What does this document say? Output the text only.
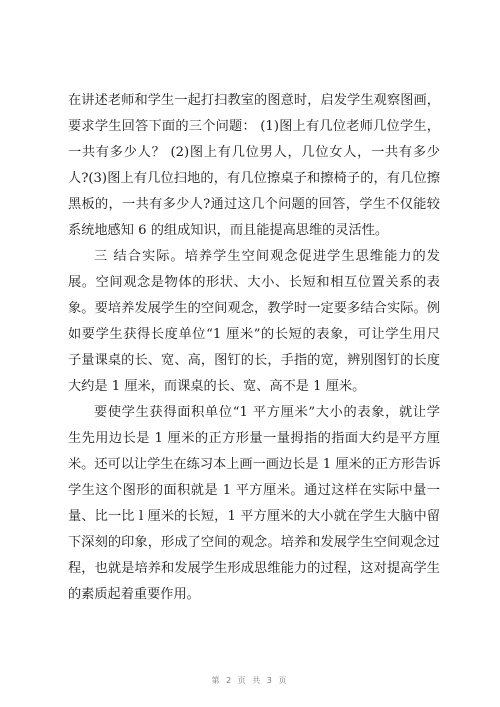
在讲述老师和学生一起打扫教室的图意时，启发学生观察图画，
要求学生回答下面的三个问题： (1)图上有几位老师几位学生，
一共有多少人？ (2)图上有几位男人，几位女人，一共有多少
人?(3)图上有几位扫地的，有几位擦桌子和擦椅子的，有几位擦
黑板的，一共有多少人?通过这几个问题的回答，学生不仅能较
系统地感知 6 的组成知识，而且能提高思维的灵活性。
三 结合实际。培养学生空间观念促进学生思维能力的发
展。空间观念是物体的形状、大小、长短和相互位置关系的表
象。要培养发展学生的空间观念，教学时一定要多结合实际。例
如要学生获得长度单位“1 厘米”的长短的表象，可让学生用尺
子量课桌的长、宽、高，图钉的长，手指的宽，辨别图钉的长度
大约是 1 厘米，而课桌的长、宽、高不是 1 厘米。
要使学生获得面积单位“1 平方厘米”大小的表象，就让学
生先用边长是 1 厘米的正方形量一量拇指的指面大约是平方厘
米。还可以让学生在练习本上画一画边长是 1 厘米的正方形告诉
学生这个图形的面积就是 1 平方厘米。通过这样在实际中量一
量、比一比 l 厘米的长短，1 平方厘米的大小就在学生大脑中留
下深刻的印象，形成了空间的观念。培养和发展学生空间观念过
程，也就是培养和发展学生形成思维能力的过程，这对提高学生
的素质起着重要作用。
第 2 页 共 3 页
